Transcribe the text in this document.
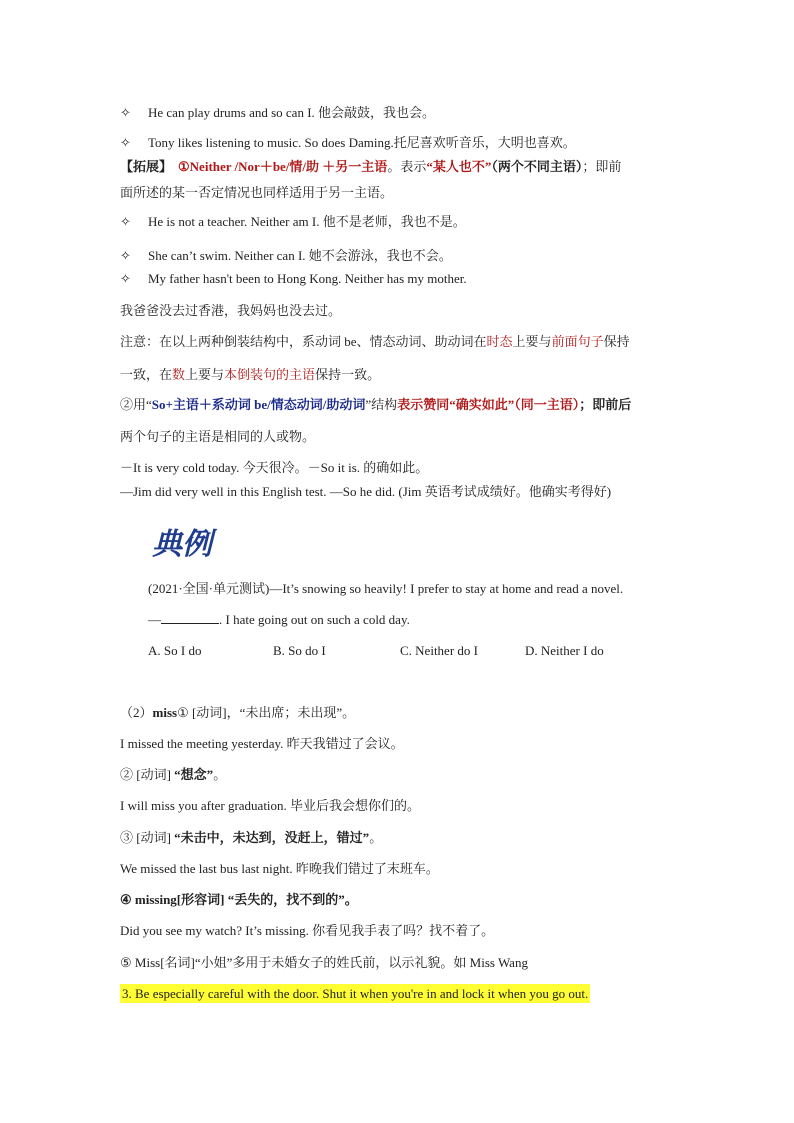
✧ He can play drums and so can I. 他会敲鼓，我也会。
✧ Tony likes listening to music. So does Daming.托尼喜欢听音乐，大明也喜欢。
【拓展】 ①Neither /Nor＋be/情/助 ＋另一主语。表示“某人也不”（两个不同主语）；即前
面所述的某一否定情况也同样适用于另一主语。
✧ He is not a teacher. Neither am I. 他不是老师，我也不是。
✧ She can’t swim. Neither can I. 她不会游泳，我也不会。
✧ My father hasn't been to Hong Kong. Neither has my mother.
我爸爸没去过香港，我妈妈也没去过。
注意：在以上两种倒装结构中，系动词 be、情态动词、助动词在时态上要与前面句子保持
一致，在数上要与本倒装句的主语保持一致。
②用“So+主语＋系动词 be/情态动词/助动词”结构表示赞同“确实如此”（同一主语）；即前后
两个句子的主语是相同的人或物。
－It is very cold today. 今天很冷。－So it is. 的确如此。
—Jim did very well in this English test. —So he did. (Jim 英语考试成绩好。他确实考得好)
典例
(2021·全国·单元测试)—It’s snowing so heavily! I prefer to stay at home and read a novel.
—	. I hate going out on such a cold day.
A. So I do	B. So do I	C. Neither do I	D. Neither I do
（2）miss① [动词]，“未出席；未出现”。
I missed the meeting yesterday. 昨天我错过了会议。
② [动词] “想念”。
I will miss you after graduation. 毕业后我会想你们的。
③ [动词] “未击中，未达到，没赶上，错过”。
We missed the last bus last night. 昨晚我们错过了末班车。
④ missing[形容词] “丢失的，找不到的”。
Did you see my watch? It’s missing. 你看见我手表了吗？找不着了。
⑤ Miss[名词]“小姐”多用于未婚女子的姓氏前，以示礼貌。如 Miss Wang
3. Be especially careful with the door. Shut it when you're in and lock it when you go out.
